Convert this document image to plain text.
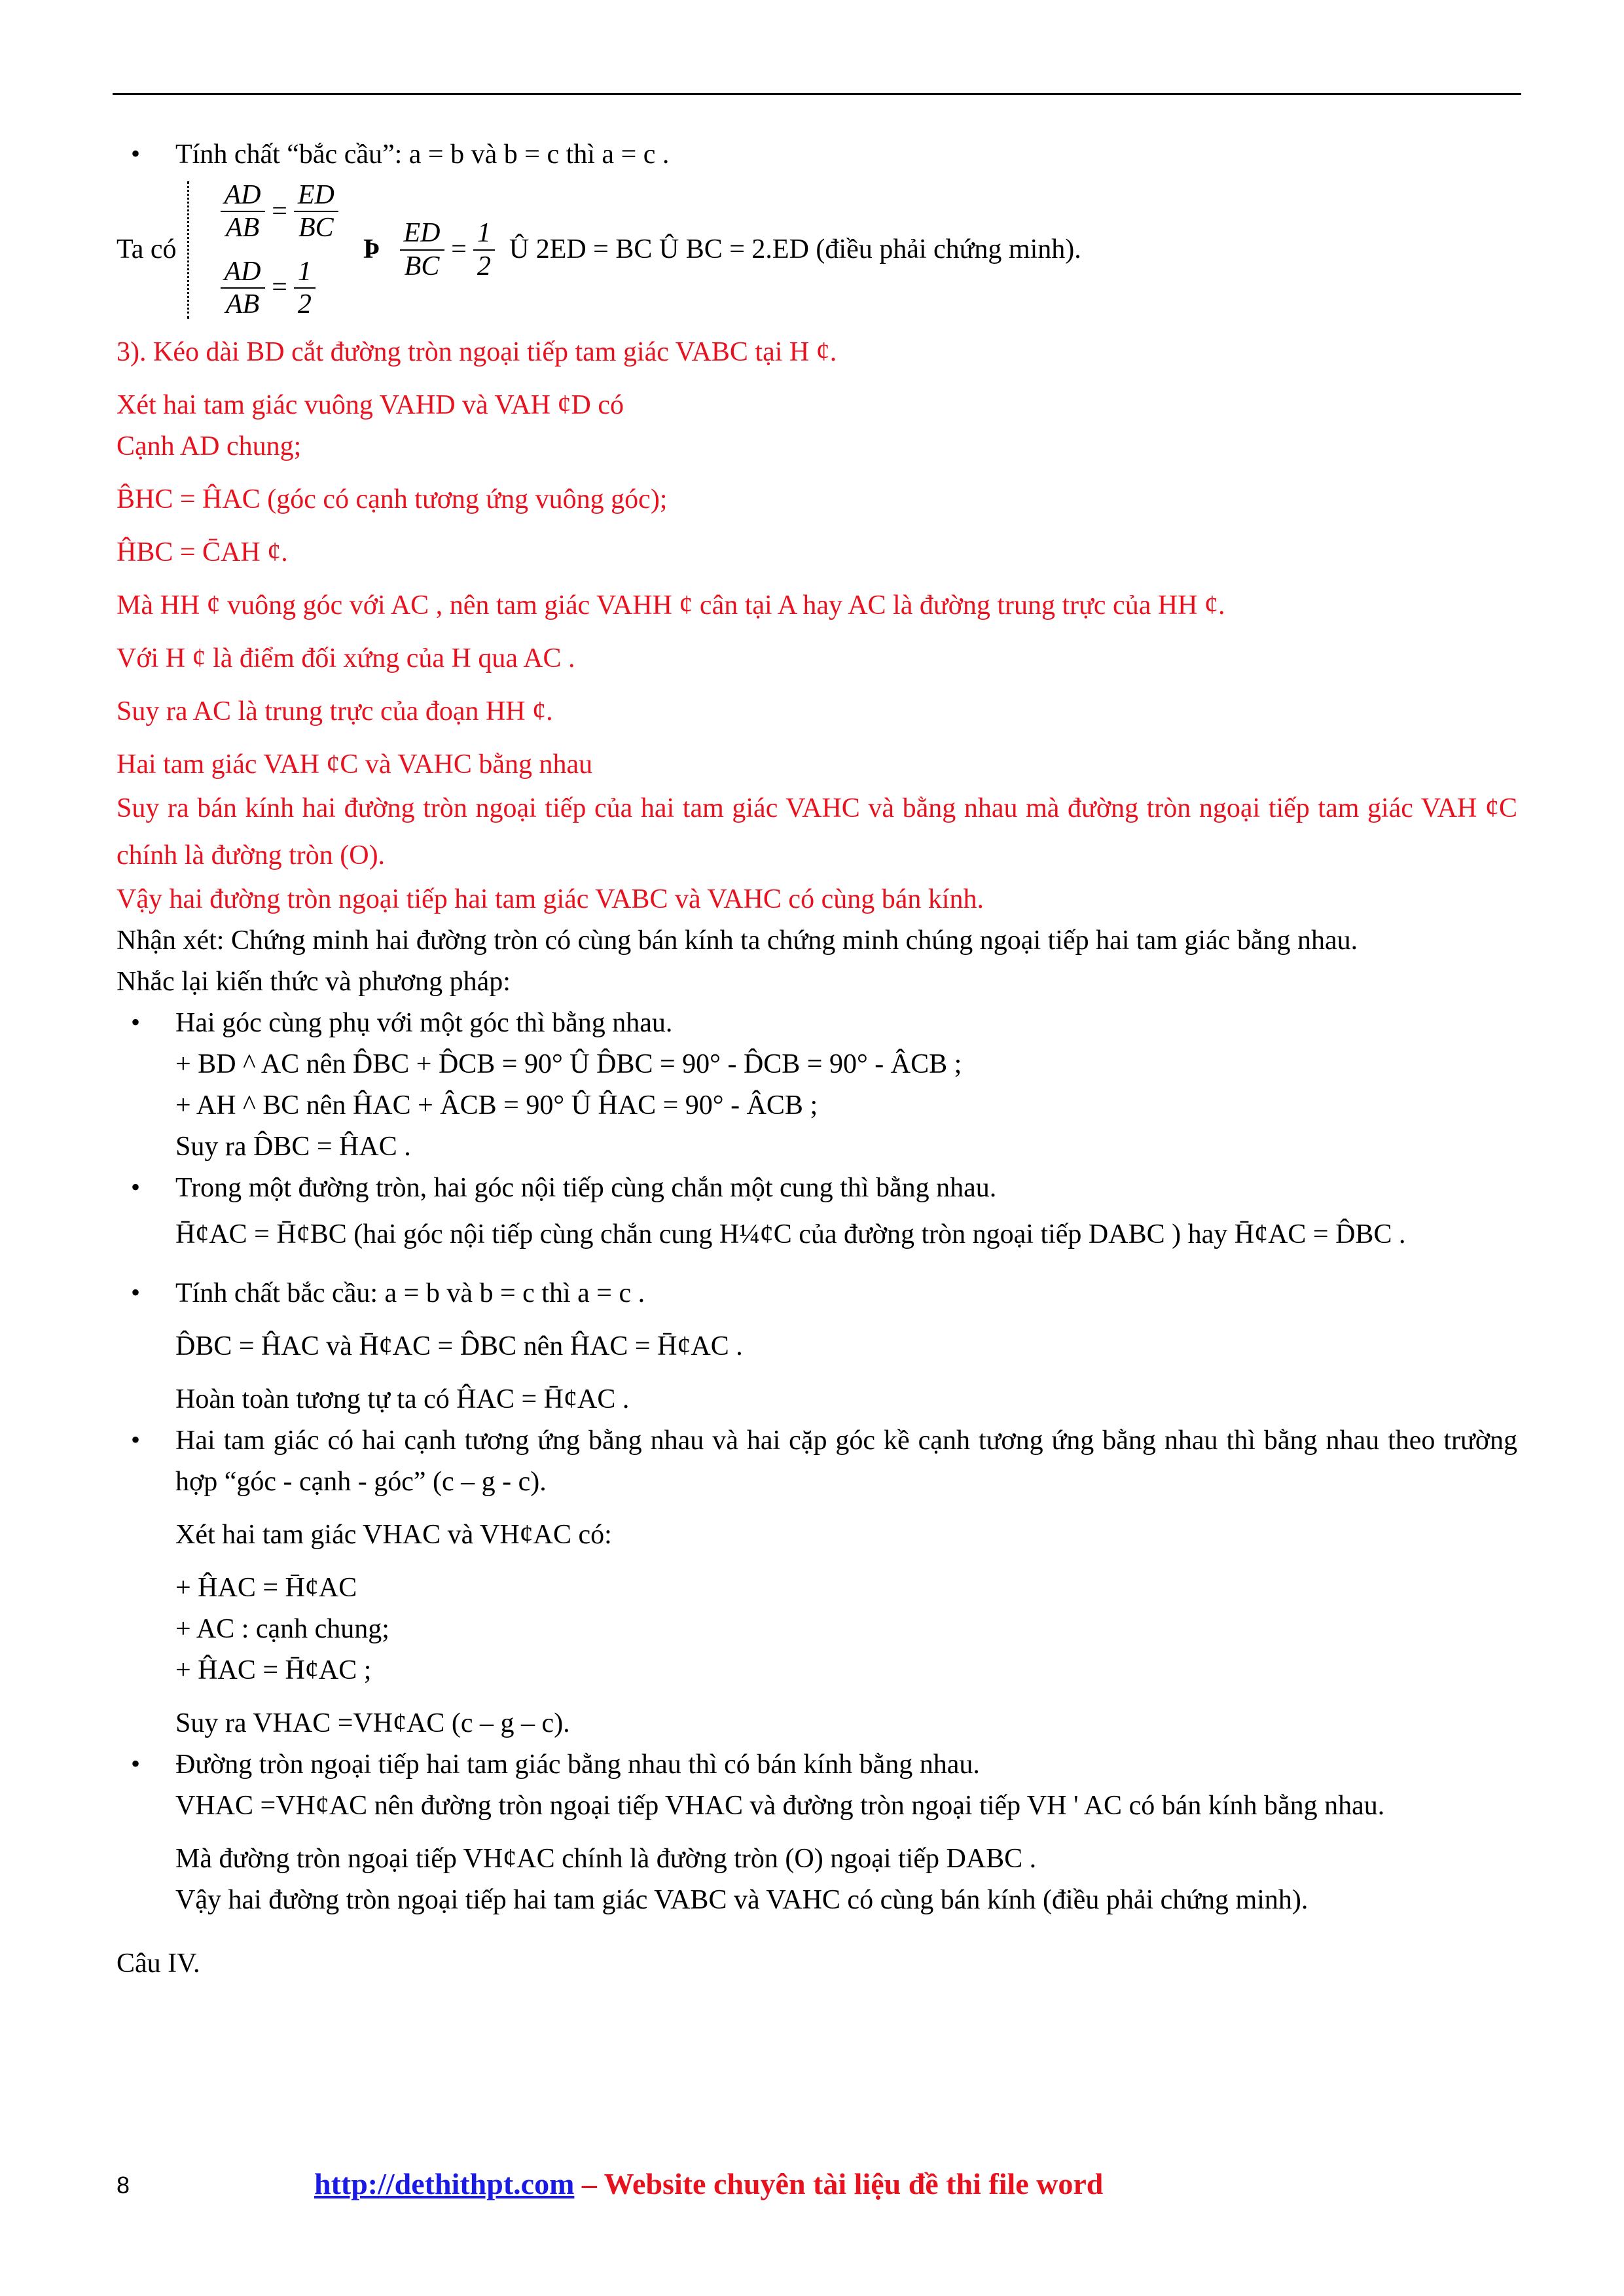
• Tính chất “bắc cầu”: a = b và b = c thì a = c .
Ta có
$\frac{AD}{AB} = \frac{ED}{BC}$
$\frac{AD}{AB} = \frac{1}{2}$
Þ $\frac{ED}{BC} = \frac{1}{2}$ Û 2ED = BC Û BC = 2.ED (điều phải chứng minh).
3). Kéo dài BD cắt đường tròn ngoại tiếp tam giác VABC tại H ¢.
Xét hai tam giác vuông VAHD và VAH ¢D có
Cạnh AD chung;
B̂HC = ĤAC (góc có cạnh tương ứng vuông góc);
ĤBC = C̄AH ¢.
Mà HH ¢ vuông góc với AC , nên tam giác VAHH ¢ cân tại A hay AC là đường trung trực của HH ¢.
Với H ¢ là điểm đối xứng của H qua AC .
Suy ra AC là trung trực của đoạn HH ¢.
Hai tam giác VAH ¢C và VAHC bằng nhau
Suy ra bán kính hai đường tròn ngoại tiếp của hai tam giác VAHC và bằng nhau mà đường tròn ngoại tiếp tam giác VAH ¢C chính là đường tròn (O).
Vậy hai đường tròn ngoại tiếp hai tam giác VABC và VAHC có cùng bán kính.
Nhận xét: Chứng minh hai đường tròn có cùng bán kính ta chứng minh chúng ngoại tiếp hai tam giác bằng nhau.
Nhắc lại kiến thức và phương pháp:
• Hai góc cùng phụ với một góc thì bằng nhau.
+ BD ^ AC nên D̂BC + D̂CB = 90° Û D̂BC = 90° - D̂CB = 90° - ÂCB ;
+ AH ^ BC nên ĤAC + ÂCB = 90° Û ĤAC = 90° - ÂCB ;
Suy ra D̂BC = ĤAC .
• Trong một đường tròn, hai góc nội tiếp cùng chắn một cung thì bằng nhau.
H̄¢AC = H̄¢BC (hai góc nội tiếp cùng chắn cung H¼¢C của đường tròn ngoại tiếp DABC ) hay H̄¢AC = D̂BC .
• Tính chất bắc cầu: a = b và b = c thì a = c .
D̂BC = ĤAC và H̄¢AC = D̂BC nên ĤAC = H̄¢AC .
Hoàn toàn tương tự ta có ĤAC = H̄¢AC .
• Hai tam giác có hai cạnh tương ứng bằng nhau và hai cặp góc kề cạnh tương ứng bằng nhau thì bằng nhau theo trường hợp “góc - cạnh - góc” (c – g - c).
Xét hai tam giác VHAC và VH¢AC có:
+ ĤAC = H̄¢AC
+ AC : cạnh chung;
+ ĤAC = H̄¢AC ;
Suy ra VHAC =VH¢AC (c – g – c).
• Đường tròn ngoại tiếp hai tam giác bằng nhau thì có bán kính bằng nhau.
VHAC =VH¢AC nên đường tròn ngoại tiếp VHAC và đường tròn ngoại tiếp VH ' AC có bán kính bằng nhau.
Mà đường tròn ngoại tiếp VH¢AC chính là đường tròn (O) ngoại tiếp DABC .
Vậy hai đường tròn ngoại tiếp hai tam giác VABC và VAHC có cùng bán kính (điều phải chứng minh).
Câu IV.
8	http://dethithpt.com – Website chuyên tài liệu đề thi file word
